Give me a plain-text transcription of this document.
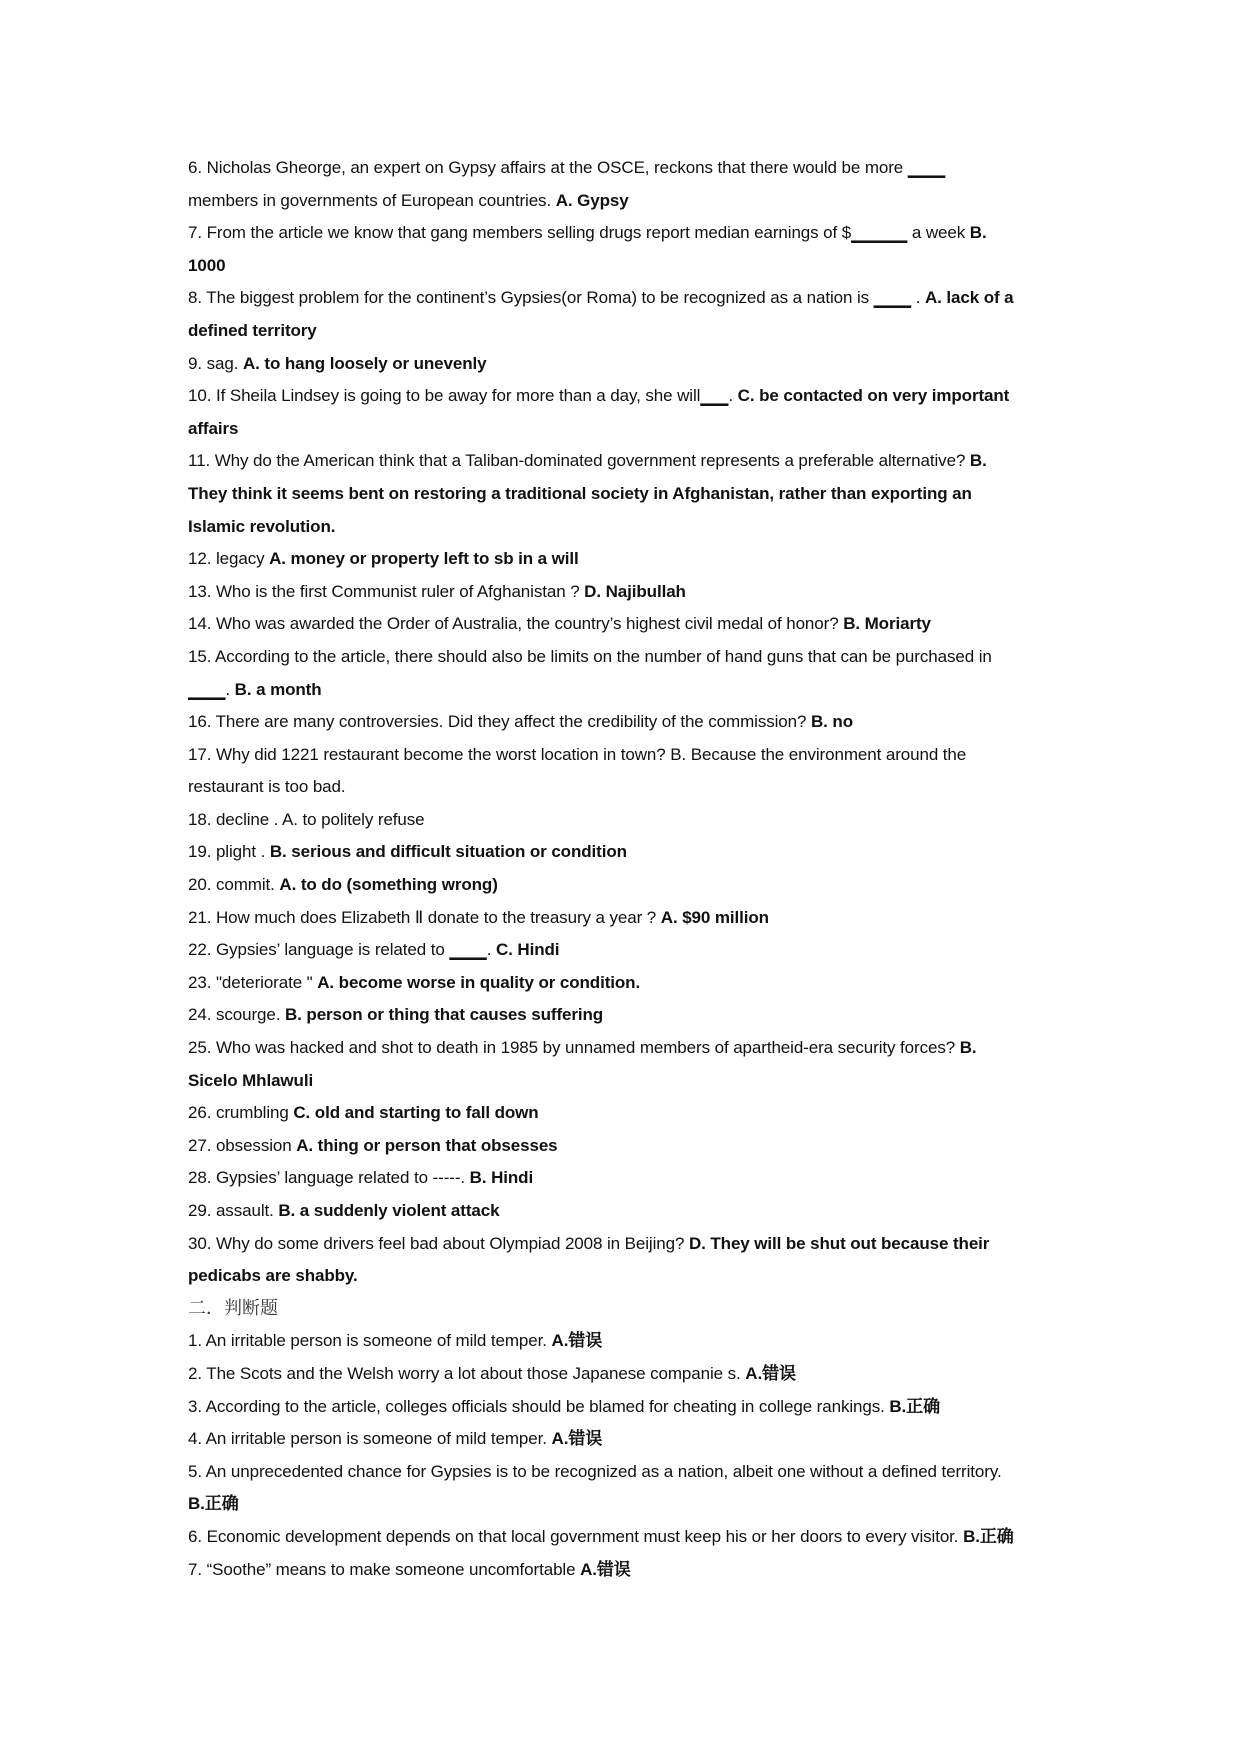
6. Nicholas Gheorge, an expert on Gypsy affairs at the OSCE, reckons that there would be more ____
members in governments of European countries. A. Gypsy
7. From the article we know that gang members selling drugs report median earnings of $______ a week B.
1000
8. The biggest problem for the continent’s Gypsies(or Roma) to be recognized as a nation is ____ . A. lack of a
defined territory
9. sag. A. to hang loosely or unevenly
10. If Sheila Lindsey is going to be away for more than a day, she will___. C. be contacted on very important
affairs
11. Why do the American think that a Taliban-dominated government represents a preferable alternative? B.
They think it seems bent on restoring a traditional society in Afghanistan, rather than exporting an
Islamic revolution.
12. legacy A. money or property left to sb in a will
13. Who is the first Communist ruler of Afghanistan ? D. Najibullah
14. Who was awarded the Order of Australia, the country’s highest civil medal of honor? B. Moriarty
15. According to the article, there should also be limits on the number of hand guns that can be purchased in
____. B. a month
16. There are many controversies. Did they affect the credibility of the commission? B. no
17. Why did 1221 restaurant become the worst location in town? B. Because the environment around the
restaurant is too bad.
18. decline . A. to politely refuse
19. plight . B. serious and difficult situation or condition
20. commit. A. to do (something wrong)
21. How much does Elizabeth Ⅱ donate to the treasury a year ? A. $90 million
22. Gypsies’ language is related to ____. C. Hindi
23. "deteriorate " A. become worse in quality or condition.
24. scourge. B. person or thing that causes suffering
25. Who was hacked and shot to death in 1985 by unnamed members of apartheid-era security forces? B.
Sicelo Mhlawuli
26. crumbling C. old and starting to fall down
27. obsession A. thing or person that obsesses
28. Gypsies’ language related to -----. B. Hindi
29. assault. B. a suddenly violent attack
30. Why do some drivers feel bad about Olympiad 2008 in Beijing? D. They will be shut out because their
pedicabs are shabby.
二．判断题
1. An irritable person is someone of mild temper. A.错误
2. The Scots and the Welsh worry a lot about those Japanese companie s. A.错误
3. According to the article, colleges officials should be blamed for cheating in college rankings. B.正确
4. An irritable person is someone of mild temper. A.错误
5. An unprecedented chance for Gypsies is to be recognized as a nation, albeit one without a defined territory.
B.正确
6. Economic development depends on that local government must keep his or her doors to every visitor. B.正确
7. “Soothe” means to make someone uncomfortable A.错误
